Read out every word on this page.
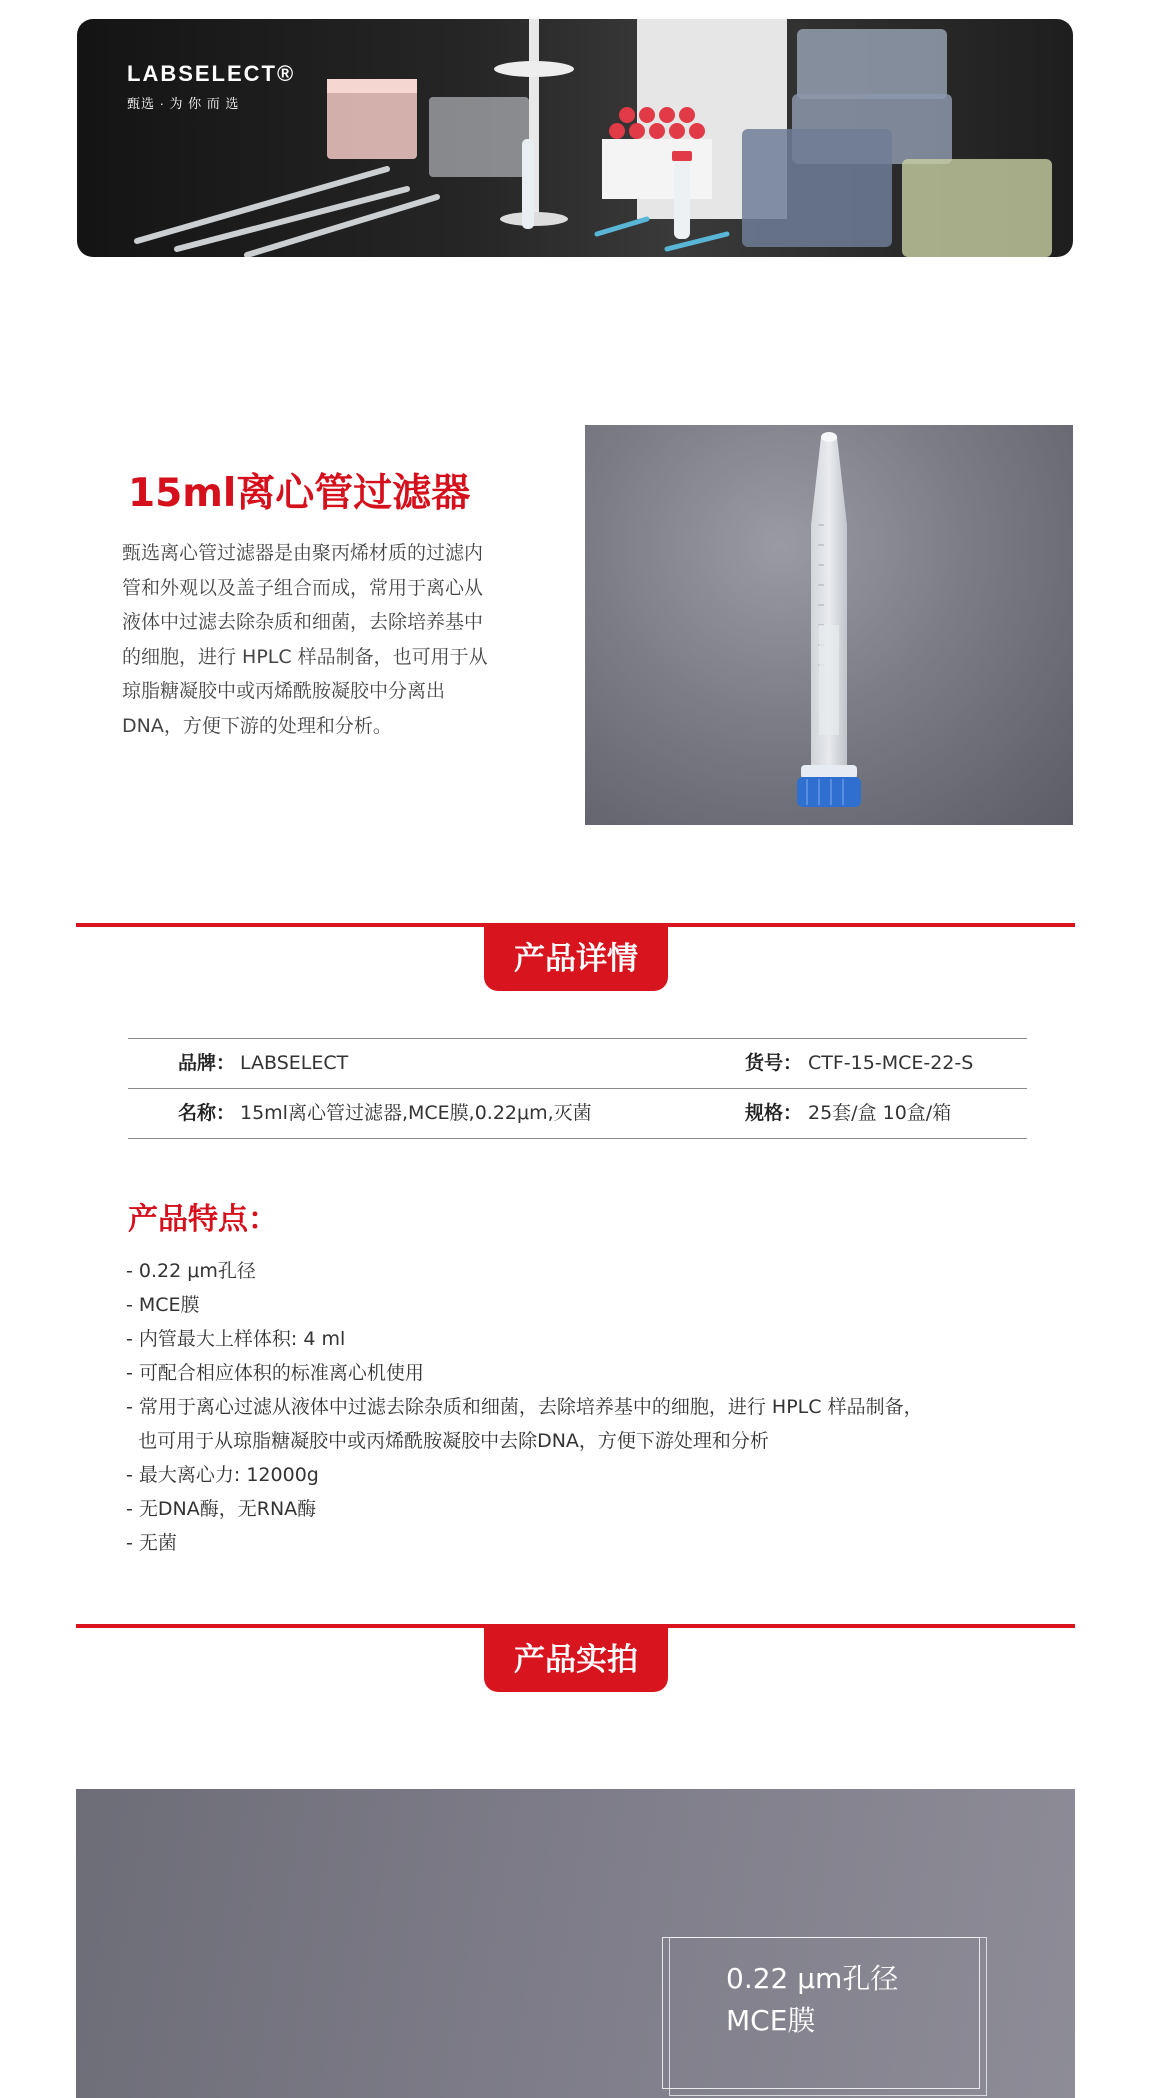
LABSELECT®
甄选 · 为 你 而 选
15ml离心管过滤器
甄选离心管过滤器是由聚丙烯材质的过滤内管和外观以及盖子组合而成，常用于离心从液体中过滤去除杂质和细菌，去除培养基中的细胞，进行 HPLC 样品制备，也可用于从琼脂糖凝胶中或丙烯酰胺凝胶中分离出DNA，方便下游的处理和分析。
产品详情
品牌： LABSELECT	货号： CTF-15-MCE-22-S
名称： 15ml离心管过滤器,MCE膜,0.22μm,灭菌	规格： 25套/盒 10盒/箱
产品特点：
- 0.22 μm孔径
- MCE膜
- 内管最大上样体积: 4 ml
- 可配合相应体积的标准离心机使用
- 常用于离心过滤从液体中过滤去除杂质和细菌，去除培养基中的细胞，进行 HPLC 样品制备，
也可用于从琼脂糖凝胶中或丙烯酰胺凝胶中去除DNA，方便下游处理和分析
- 最大离心力: 12000g
- 无DNA酶，无RNA酶
- 无菌
产品实拍
0.22 μm孔径
MCE膜
